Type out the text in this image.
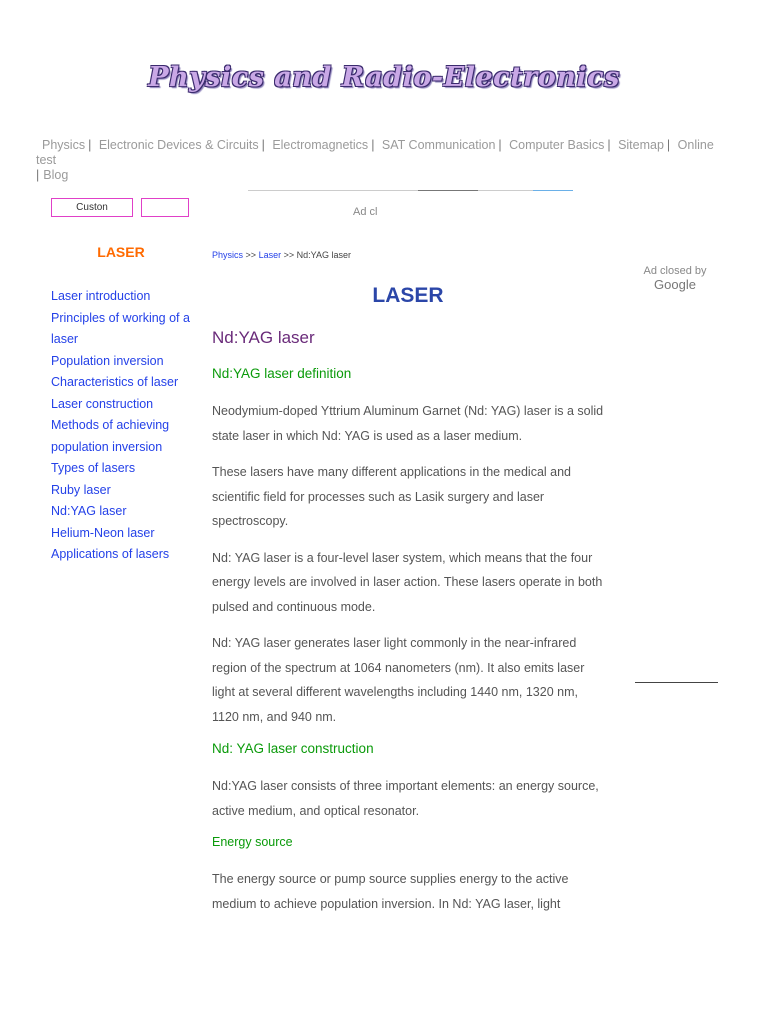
Physics and Radio-Electronics
Physics | Electronic Devices & Circuits | Electromagnetics | SAT Communication | Computer Basics | Sitemap | Online test
| Blog
Ad cl
Custon
LASER
Laser introduction
Principles of working of a laser
Population inversion
Characteristics of laser
Laser construction
Methods of achieving population inversion
Types of lasers
Ruby laser
Nd:YAG laser
Helium-Neon laser
Applications of lasers
Physics >> Laser >> Nd:YAG laser
Ad closed by
Google
LASER
Nd:YAG laser
Nd:YAG laser definition
Neodymium-doped Yttrium Aluminum Garnet (Nd: YAG) laser is a solid state laser in which Nd: YAG is used as a laser medium.
These lasers have many different applications in the medical and scientific field for processes such as Lasik surgery and laser spectroscopy.
Nd: YAG laser is a four-level laser system, which means that the four energy levels are involved in laser action. These lasers operate in both pulsed and continuous mode.
Nd: YAG laser generates laser light commonly in the near-infrared region of the spectrum at 1064 nanometers (nm). It also emits laser light at several different wavelengths including 1440 nm, 1320 nm, 1120 nm, and 940 nm.
Nd: YAG laser construction
Nd:YAG laser consists of three important elements: an energy source, active medium, and optical resonator.
Energy source
The energy source or pump source supplies energy to the active medium to achieve population inversion. In Nd: YAG laser, light
